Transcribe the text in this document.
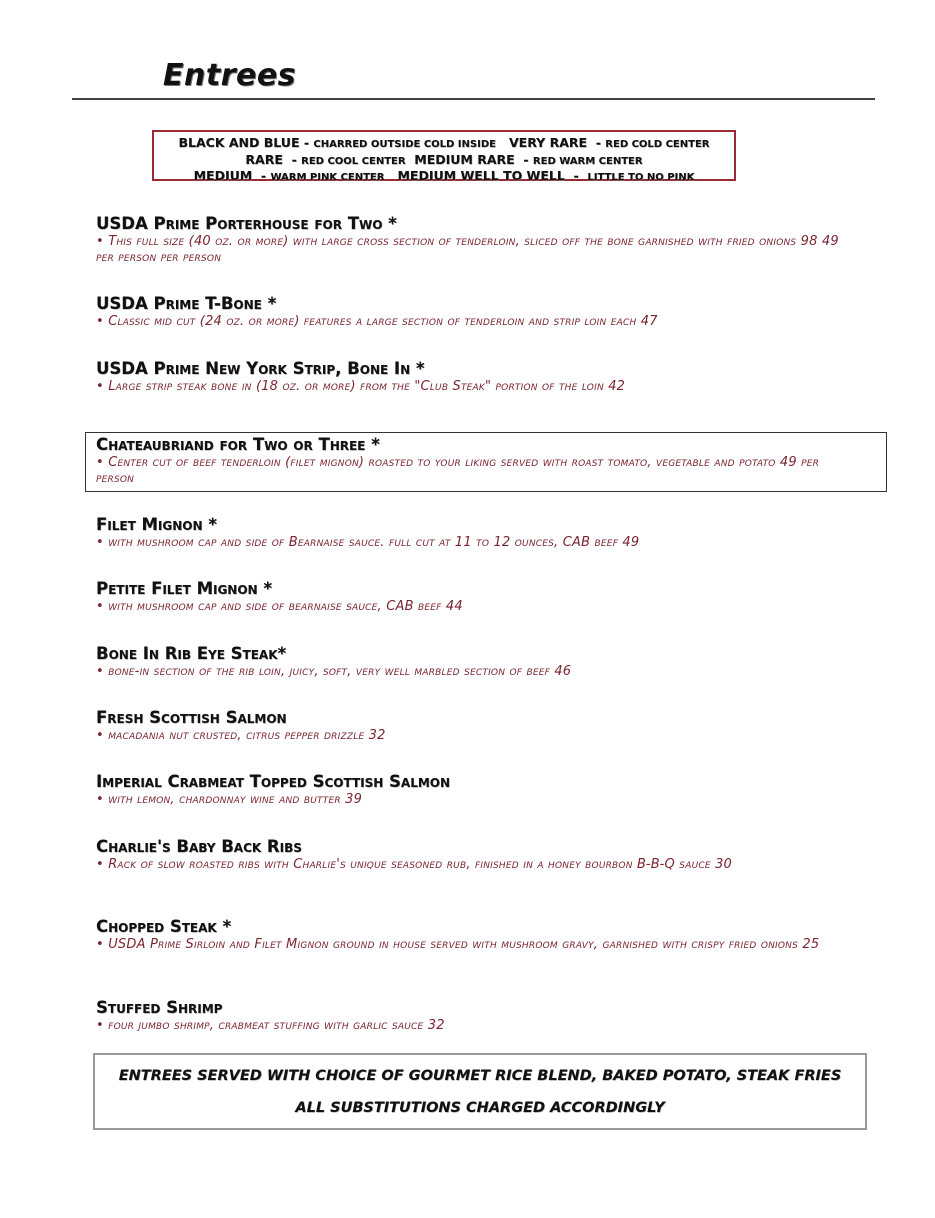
Entrees
BLACK AND BLUE - CHARRED OUTSIDE COLD INSIDE   VERY RARE  - RED COLD CENTER
RARE  - RED COOL CENTER  MEDIUM RARE  - RED WARM CENTER
MEDIUM  - WARM PINK CENTER   MEDIUM WELL TO WELL  -  LITTLE TO NO PINK
USDA Prime Porterhouse for Two *
• This full size (40 oz. or more) with large cross section of tenderloin, sliced off the bone garnished with fried onions 98 49 per person per person
USDA Prime T-Bone *
• Classic mid cut (24 oz. or more) features a large section of tenderloin and strip loin each 47
USDA Prime New York Strip, Bone In *
• Large strip steak bone in (18 oz. or more) from the "Club Steak" portion of the loin 42
Chateaubriand for Two or Three *
• Center cut of beef tenderloin (filet mignon) roasted to your liking served with roast tomato, vegetable and potato 49 per person
Filet Mignon *
• with mushroom cap and side of Bearnaise sauce. full cut at 11 to 12 ounces, CAB beef 49
Petite Filet Mignon *
• with mushroom cap and side of bearnaise sauce, CAB beef 44
Bone In Rib Eye Steak*
• bone-in section of the rib loin, juicy, soft, very well marbled section of beef 46
Fresh Scottish Salmon
• macadania nut crusted, citrus pepper drizzle 32
Imperial Crabmeat Topped Scottish Salmon
• with lemon, chardonnay wine and butter 39
Charlie's Baby Back Ribs
• Rack of slow roasted ribs with Charlie's unique seasoned rub, finished in a honey bourbon B-B-Q sauce 30
Chopped Steak *
• USDA Prime Sirloin and Filet Mignon ground in house served with mushroom gravy, garnished with crispy fried onions 25
Stuffed Shrimp
• four jumbo shrimp, crabmeat stuffing with garlic sauce 32
ENTREES SERVED WITH CHOICE OF GOURMET RICE BLEND, BAKED POTATO, STEAK FRIES
ALL SUBSTITUTIONS CHARGED ACCORDINGLY
